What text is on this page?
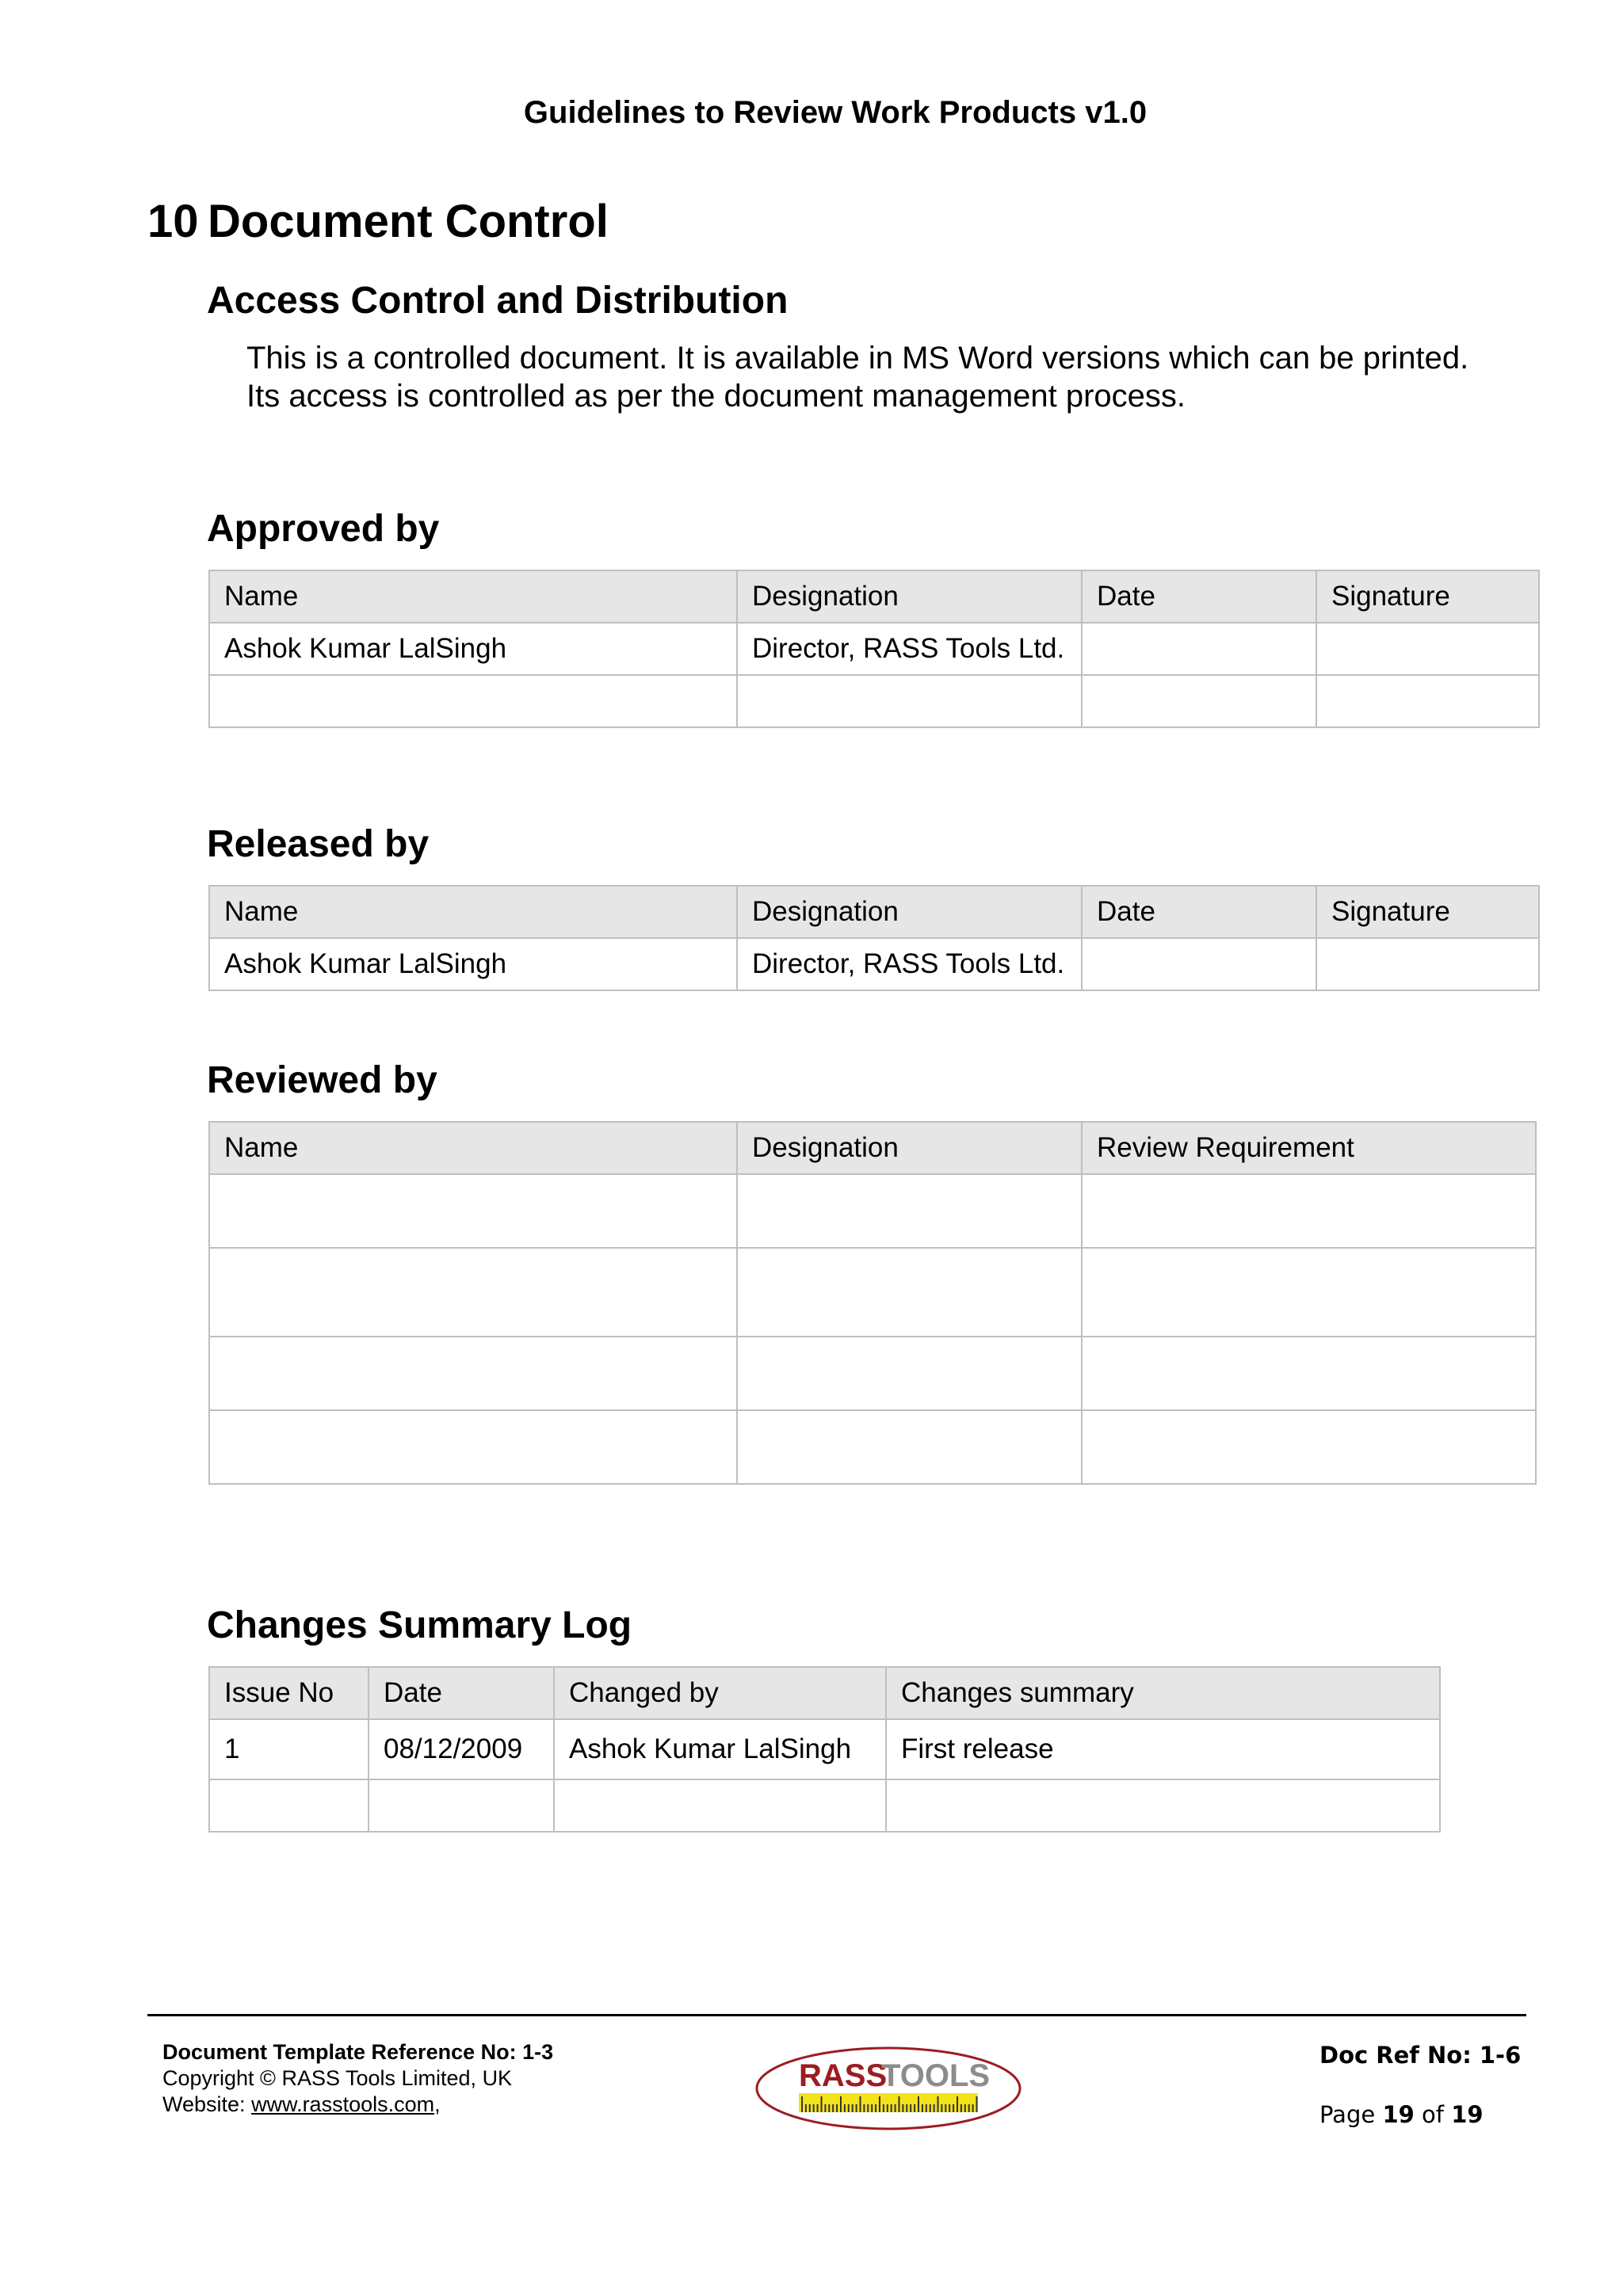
Guidelines to Review Work Products v1.0
10 Document Control
Access Control and Distribution
This is a controlled document. It is available in MS Word versions which can be printed.
Its access is controlled as per the document management process.
Approved by
Name	Designation	Date	Signature
Ashok Kumar LalSingh	Director, RASS Tools Ltd.		

Released by
Name	Designation	Date	Signature
Ashok Kumar LalSingh	Director, RASS Tools Ltd.		
Reviewed by
Name	Designation	Review Requirement

Changes Summary Log
Issue No	Date	Changed by	Changes summary
1	08/12/2009	Ashok Kumar LalSingh	First release

Document Template Reference No: 1-3
Copyright © RASS Tools Limited, UK
Website: www.rasstools.com,
RASS
TOOLS
Doc Ref No: 1-6
Page 19 of 19
